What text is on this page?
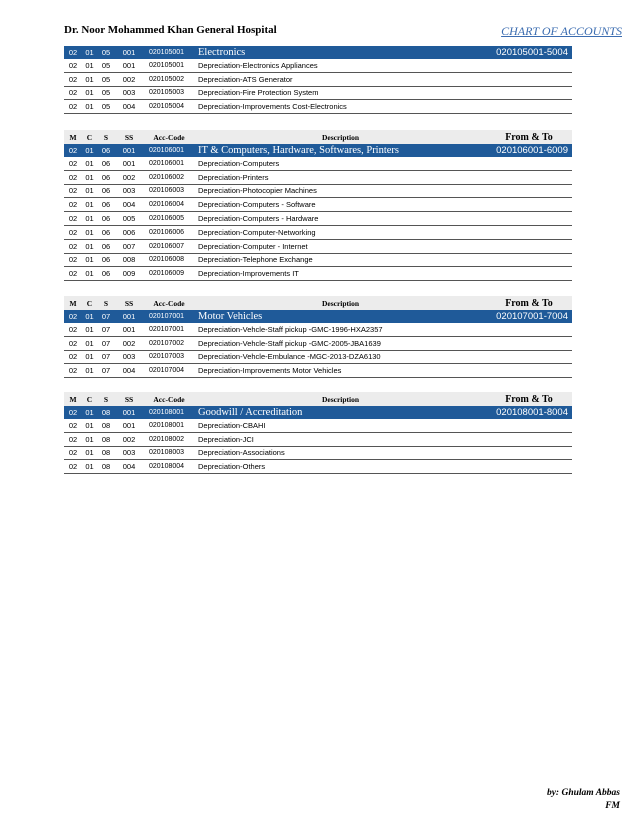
Dr. Noor Mohammed Khan General Hospital	CHART OF ACCOUNTS
02	01	05	001	020105001	Electronics	020105001-5004
02	01	05	001	020105001	Depreciation-Electronics Appliances	
02	01	05	002	020105002	Depreciation-ATS Generator	
02	01	05	003	020105003	Depreciation-Fire Protection System	
02	01	05	004	020105004	Depreciation-Improvements Cost-Electronics	
M	C	S	SS	Acc-Code	Description	From & To
02	01	06	001	020106001	IT & Computers, Hardware, Softwares, Printers	020106001-6009
02	01	06	001	020106001	Depreciation-Computers	
02	01	06	002	020106002	Depreciation-Printers	
02	01	06	003	020106003	Depreciation-Photocopier Machines	
02	01	06	004	020106004	Depreciation-Computers - Software	
02	01	06	005	020106005	Depreciation-Computers - Hardware	
02	01	06	006	020106006	Depreciation-Computer-Networking	
02	01	06	007	020106007	Depreciation-Computer - Internet	
02	01	06	008	020106008	Depreciation-Telephone Exchange	
02	01	06	009	020106009	Depreciation-Improvements IT	
M	C	S	SS	Acc-Code	Description	From & To
02	01	07	001	020107001	Motor Vehicles	020107001-7004
02	01	07	001	020107001	Depreciation-Vehcle-Staff pickup -GMC-1996-HXA2357	
02	01	07	002	020107002	Depreciation-Vehcle-Staff pickup -GMC-2005-JBA1639	
02	01	07	003	020107003	Depreciation-Vehcle-Embulance -MGC-2013-DZA6130	
02	01	07	004	020107004	Depreciation-Improvements Motor Vehicles	
M	C	S	SS	Acc-Code	Description	From & To
02	01	08	001	020108001	Goodwill / Accreditation	020108001-8004
02	01	08	001	020108001	Depreciation-CBAHI	
02	01	08	002	020108002	Depreciation-JCI	
02	01	08	003	020108003	Depreciation-Associations	
02	01	08	004	020108004	Depreciation-Others	
by: Ghulam Abbas
FM
